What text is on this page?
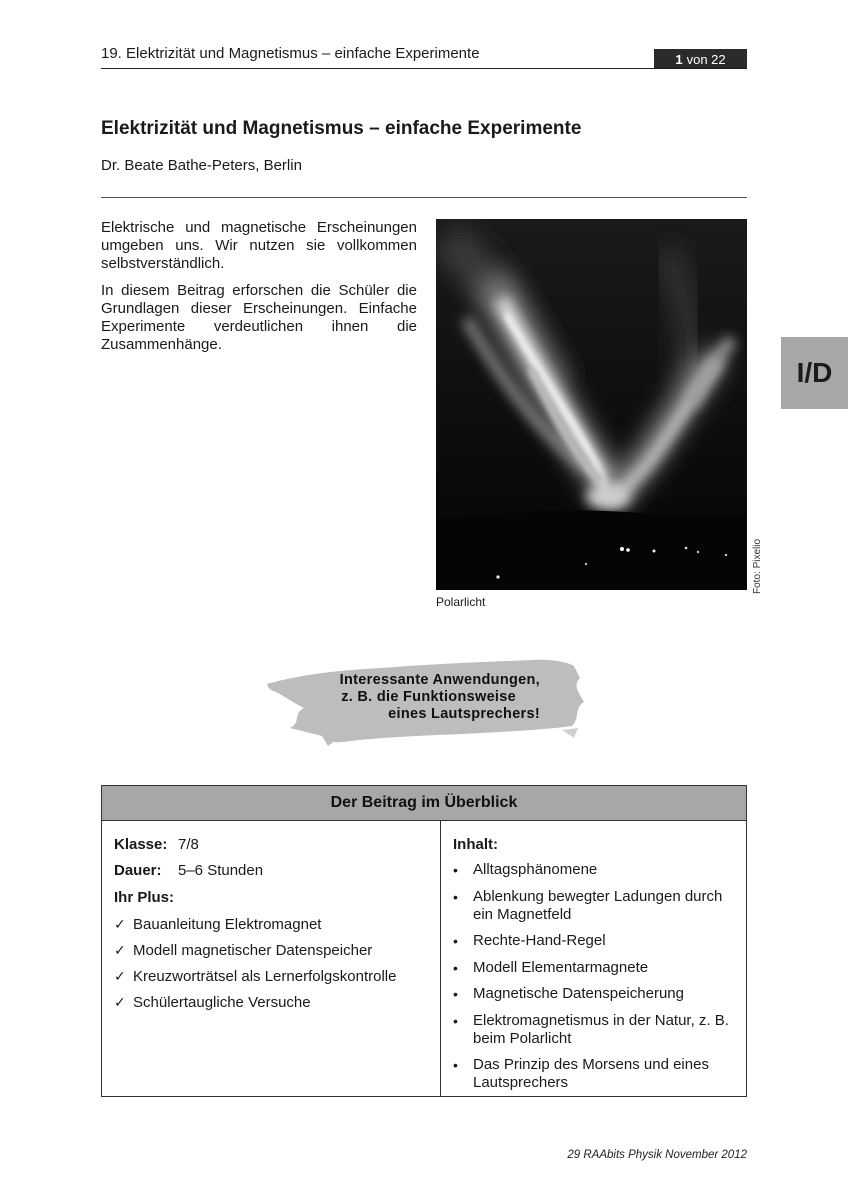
19. Elektrizität und Magnetismus – einfache Experimente	1 von 22
I/D
Elektrizität und Magnetismus – einfache Experimente
Dr. Beate Bathe-Peters, Berlin

Elektrische und magnetische Erscheinungen umgeben uns. Wir nutzen sie vollkommen selbstverständlich.

In diesem Beitrag erforschen die Schüler die Grundlagen dieser Erscheinungen. Einfache Experimente verdeutlichen ihnen die Zusammenhänge.

Polarlicht
Foto: Pixelio
Interessante Anwendungen,
z. B. die Funktionsweise
eines Lautsprechers!
Der Beitrag im Überblick
Klasse: 7/8
Dauer:	5–6 Stunden
Ihr Plus:
✓ Bauanleitung Elektromagnet
✓ Modell magnetischer Datenspeicher
✓ Kreuzworträtsel als Lernerfolgskontrolle
✓ Schülertaugliche Versuche
Inhalt:
•	Alltagsphänomene
•	Ablenkung bewegter Ladungen durch ein Magnetfeld
•	Rechte-Hand-Regel
•	Modell Elementarmagnete
•	Magnetische Datenspeicherung
•	Elektromagnetismus in der Natur, z. B. beim Polarlicht
•	Das Prinzip des Morsens und eines Lautsprechers
29 RAAbits Physik November 2012
